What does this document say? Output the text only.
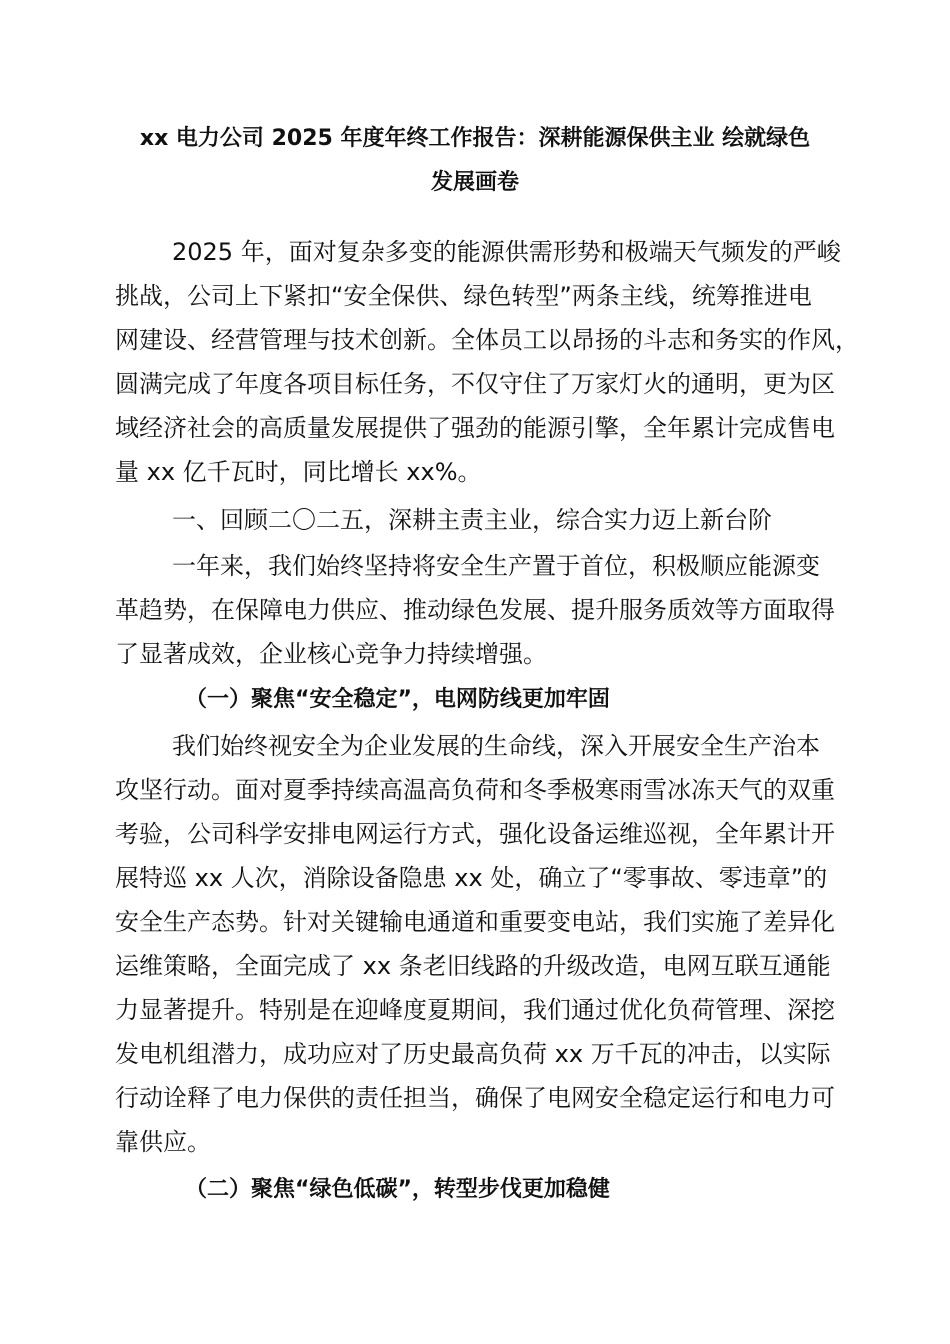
xx 电力公司 2025 年度年终工作报告：深耕能源保供主业 绘就绿色
发展画卷

2025 年，面对复杂多变的能源供需形势和极端天气频发的严峻

挑战，公司上下紧扣“安全保供、绿色转型”两条主线，统筹推进电

网建设、经营管理与技术创新。全体员工以昂扬的斗志和务实的作风，

圆满完成了年度各项目标任务，不仅守住了万家灯火的通明，更为区

域经济社会的高质量发展提供了强劲的能源引擎，全年累计完成售电

量 xx 亿千瓦时，同比增长 xx%。

一、回顾二〇二五，深耕主责主业，综合实力迈上新台阶

一年来，我们始终坚持将安全生产置于首位，积极顺应能源变

革趋势，在保障电力供应、推动绿色发展、提升服务质效等方面取得

了显著成效，企业核心竞争力持续增强。

（一）聚焦“安全稳定”，电网防线更加牢固

我们始终视安全为企业发展的生命线，深入开展安全生产治本

攻坚行动。面对夏季持续高温高负荷和冬季极寒雨雪冰冻天气的双重

考验，公司科学安排电网运行方式，强化设备运维巡视，全年累计开

展特巡 xx 人次，消除设备隐患 xx 处，确立了“零事故、零违章”的

安全生产态势。针对关键输电通道和重要变电站，我们实施了差异化

运维策略，全面完成了 xx 条老旧线路的升级改造，电网互联互通能

力显著提升。特别是在迎峰度夏期间，我们通过优化负荷管理、深挖

发电机组潜力，成功应对了历史最高负荷 xx 万千瓦的冲击，以实际

行动诠释了电力保供的责任担当，确保了电网安全稳定运行和电力可

靠供应。

（二）聚焦“绿色低碳”，转型步伐更加稳健
